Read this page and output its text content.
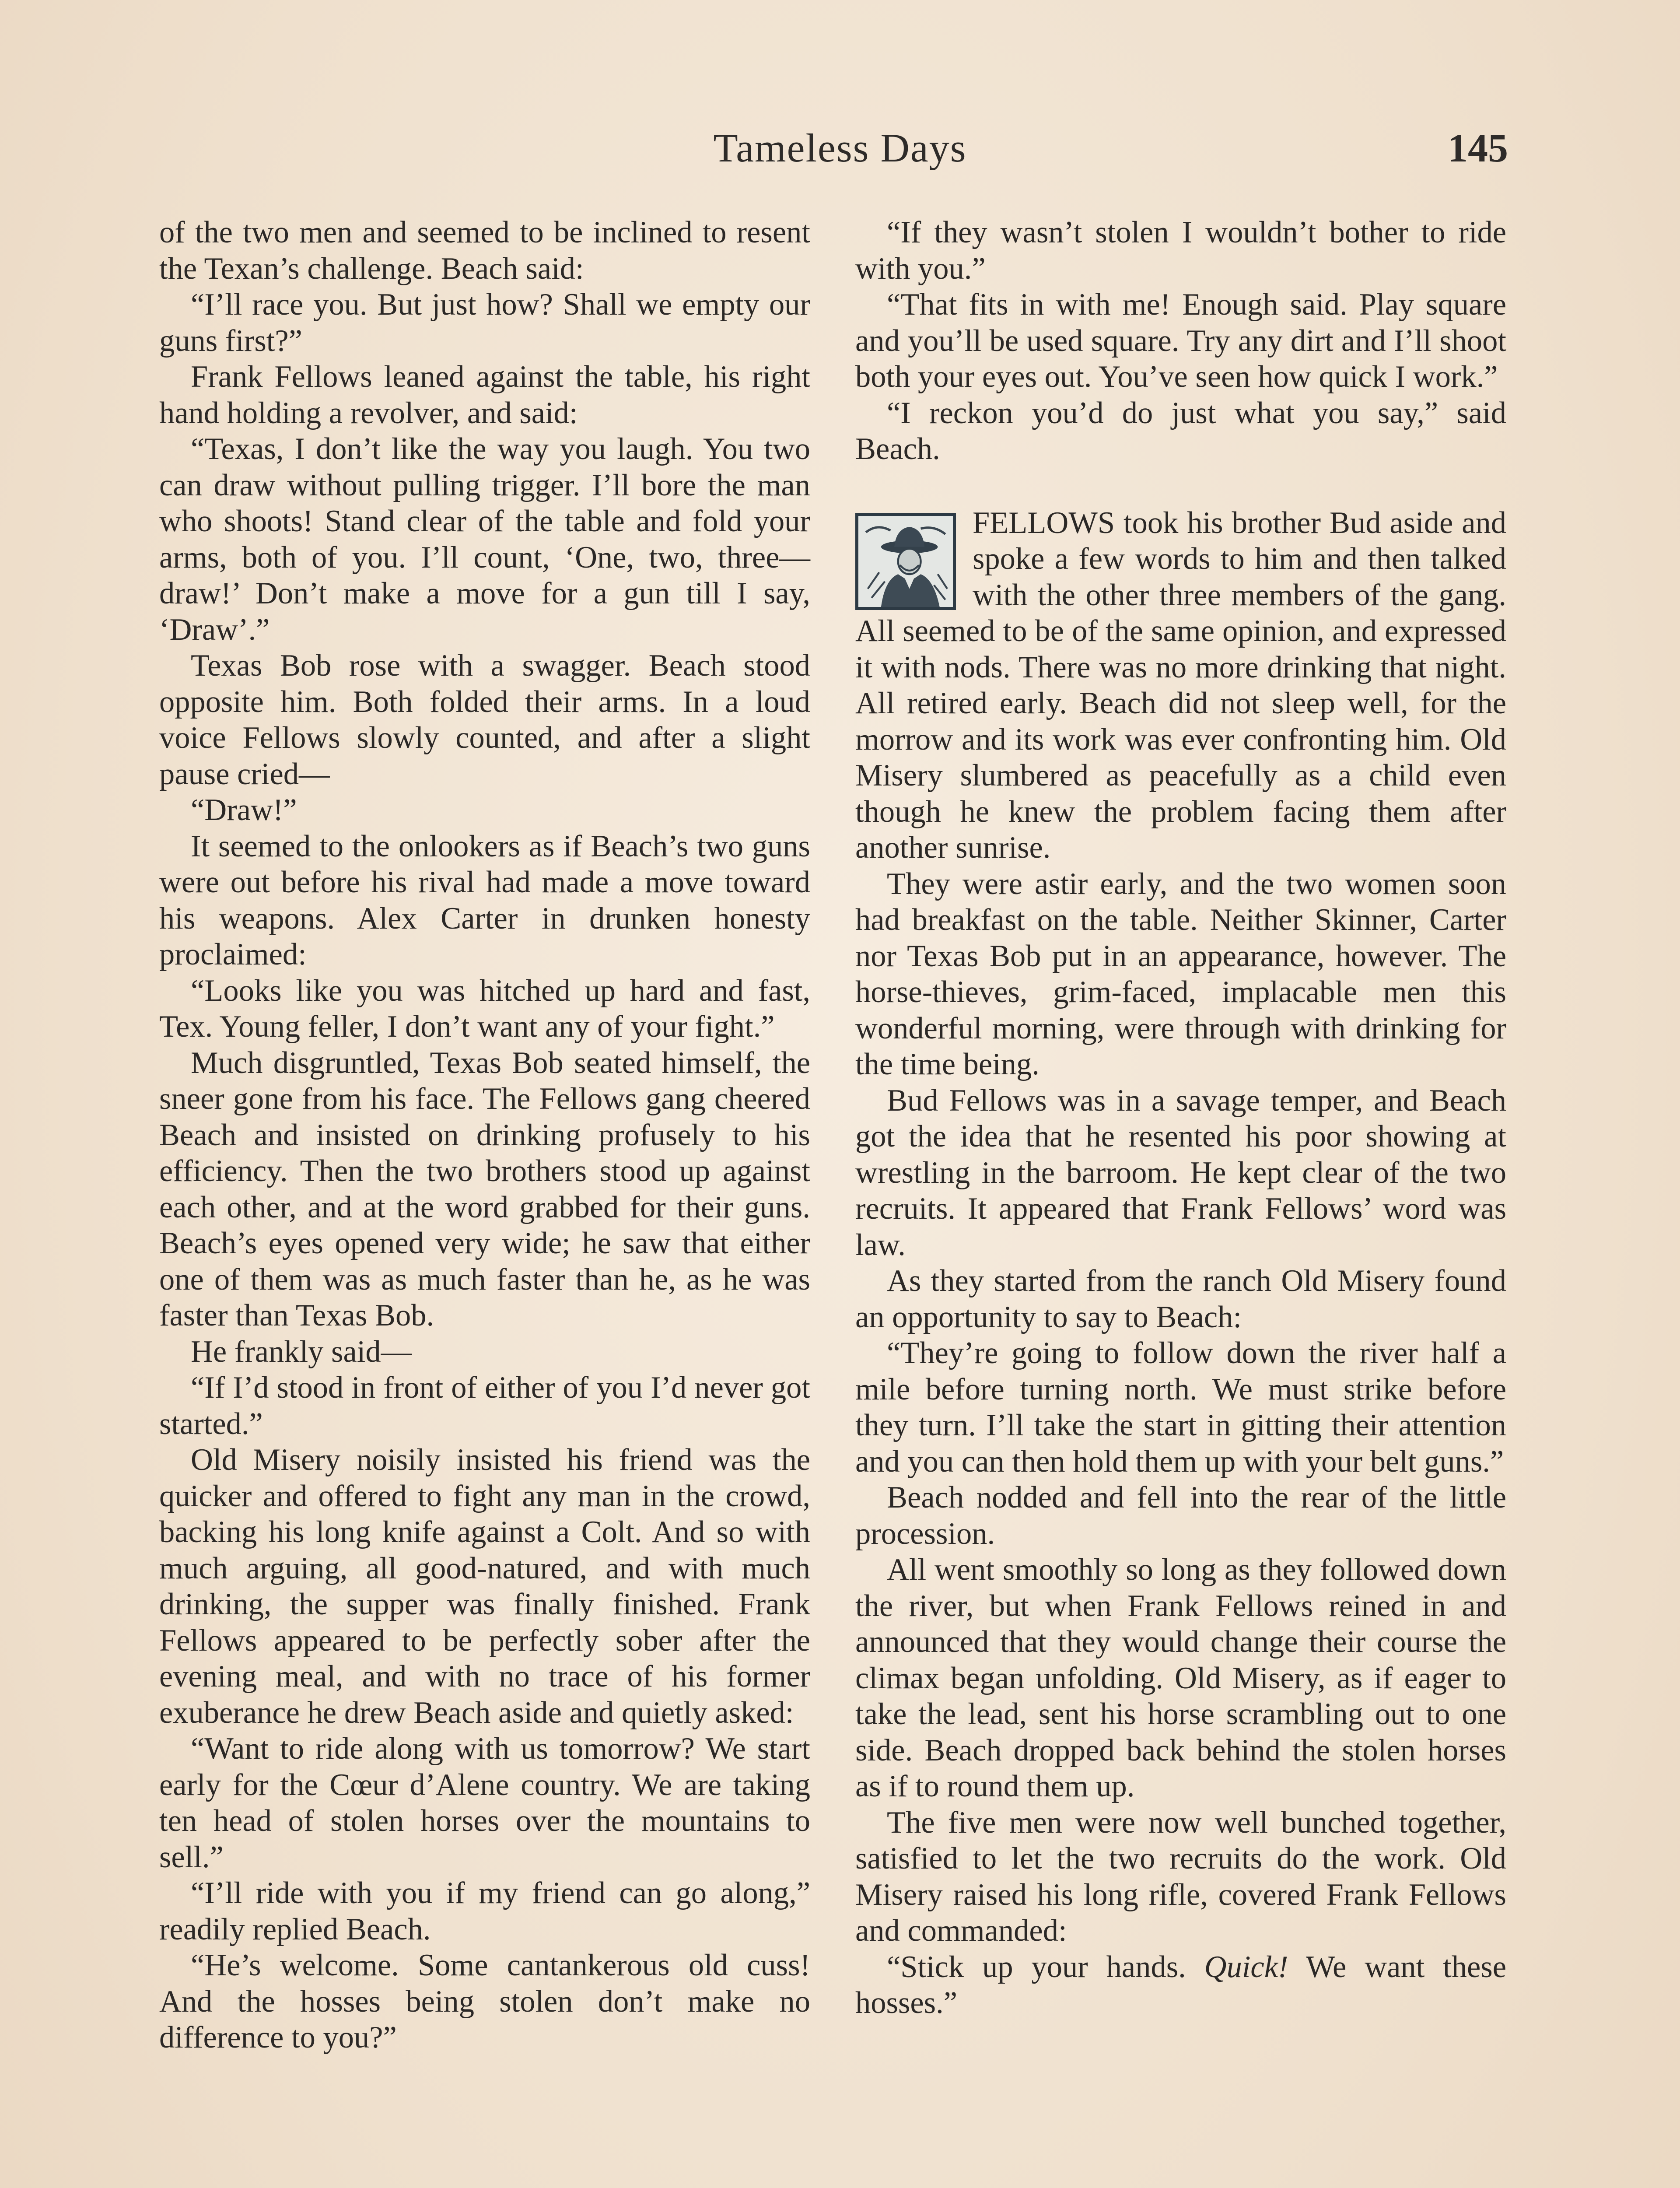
Tameless Days	145

of the two men and seemed to be inclined to resent the Texan’s challenge. Beach said:

“I’ll race you. But just how? Shall we empty our guns first?”

Frank Fellows leaned against the table, his right hand holding a revolver, and said:

“Texas, I don’t like the way you laugh. You two can draw without pulling trigger. I’ll bore the man who shoots! Stand clear of the table and fold your arms, both of you. I’ll count, ‘One, two, three—draw!’ Don’t make a move for a gun till I say, ‘Draw’.”

Texas Bob rose with a swagger. Beach stood opposite him. Both folded their arms. In a loud voice Fellows slowly counted, and after a slight pause cried—

“Draw!”

It seemed to the onlookers as if Beach’s two guns were out before his rival had made a move toward his weapons. Alex Carter in drunken honesty proclaimed:

“Looks like you was hitched up hard and fast, Tex. Young feller, I don’t want any of your fight.”

Much disgruntled, Texas Bob seated himself, the sneer gone from his face. The Fellows gang cheered Beach and insisted on drinking profusely to his efficiency. Then the two brothers stood up against each other, and at the word grabbed for their guns. Beach’s eyes opened very wide; he saw that either one of them was as much faster than he, as he was faster than Texas Bob.

He frankly said—

“If I’d stood in front of either of you I’d never got started.”

Old Misery noisily insisted his friend was the quicker and offered to fight any man in the crowd, backing his long knife against a Colt. And so with much arguing, all good-natured, and with much drinking, the supper was finally finished. Frank Fellows appeared to be perfectly sober after the evening meal, and with no trace of his former exuberance he drew Beach aside and quietly asked:

“Want to ride along with us tomorrow? We start early for the Cœur d’Alene country. We are taking ten head of stolen horses over the mountains to sell.”

“I’ll ride with you if my friend can go along,” readily replied Beach.

“He’s welcome. Some cantankerous old cuss! And the hosses being stolen don’t make no difference to you?”

“If they wasn’t stolen I wouldn’t bother to ride with you.”

“That fits in with me! Enough said. Play square and you’ll be used square. Try any dirt and I’ll shoot both your eyes out. You’ve seen how quick I work.”

“I reckon you’d do just what you say,” said Beach.

FELLOWS took his brother Bud aside and spoke a few words to him and then talked with the other three members of the gang. All seemed to be of the same opinion, and expressed it with nods. There was no more drinking that night. All retired early. Beach did not sleep well, for the morrow and its work was ever confronting him. Old Misery slumbered as peacefully as a child even though he knew the problem facing them after another sunrise.

They were astir early, and the two women soon had breakfast on the table. Neither Skinner, Carter nor Texas Bob put in an appearance, however. The horse-thieves, grim-faced, implacable men this wonderful morning, were through with drinking for the time being.

Bud Fellows was in a savage temper, and Beach got the idea that he resented his poor showing at wrestling in the barroom. He kept clear of the two recruits. It appeared that Frank Fellows’ word was law.

As they started from the ranch Old Misery found an opportunity to say to Beach:

“They’re going to follow down the river half a mile before turning north. We must strike before they turn. I’ll take the start in gitting their attention and you can then hold them up with your belt guns.”

Beach nodded and fell into the rear of the little procession.

All went smoothly so long as they followed down the river, but when Frank Fellows reined in and announced that they would change their course the climax began unfolding. Old Misery, as if eager to take the lead, sent his horse scrambling out to one side. Beach dropped back behind the stolen horses as if to round them up.

The five men were now well bunched together, satisfied to let the two recruits do the work. Old Misery raised his long rifle, covered Frank Fellows and commanded:

“Stick up your hands. Quick! We want these hosses.”
